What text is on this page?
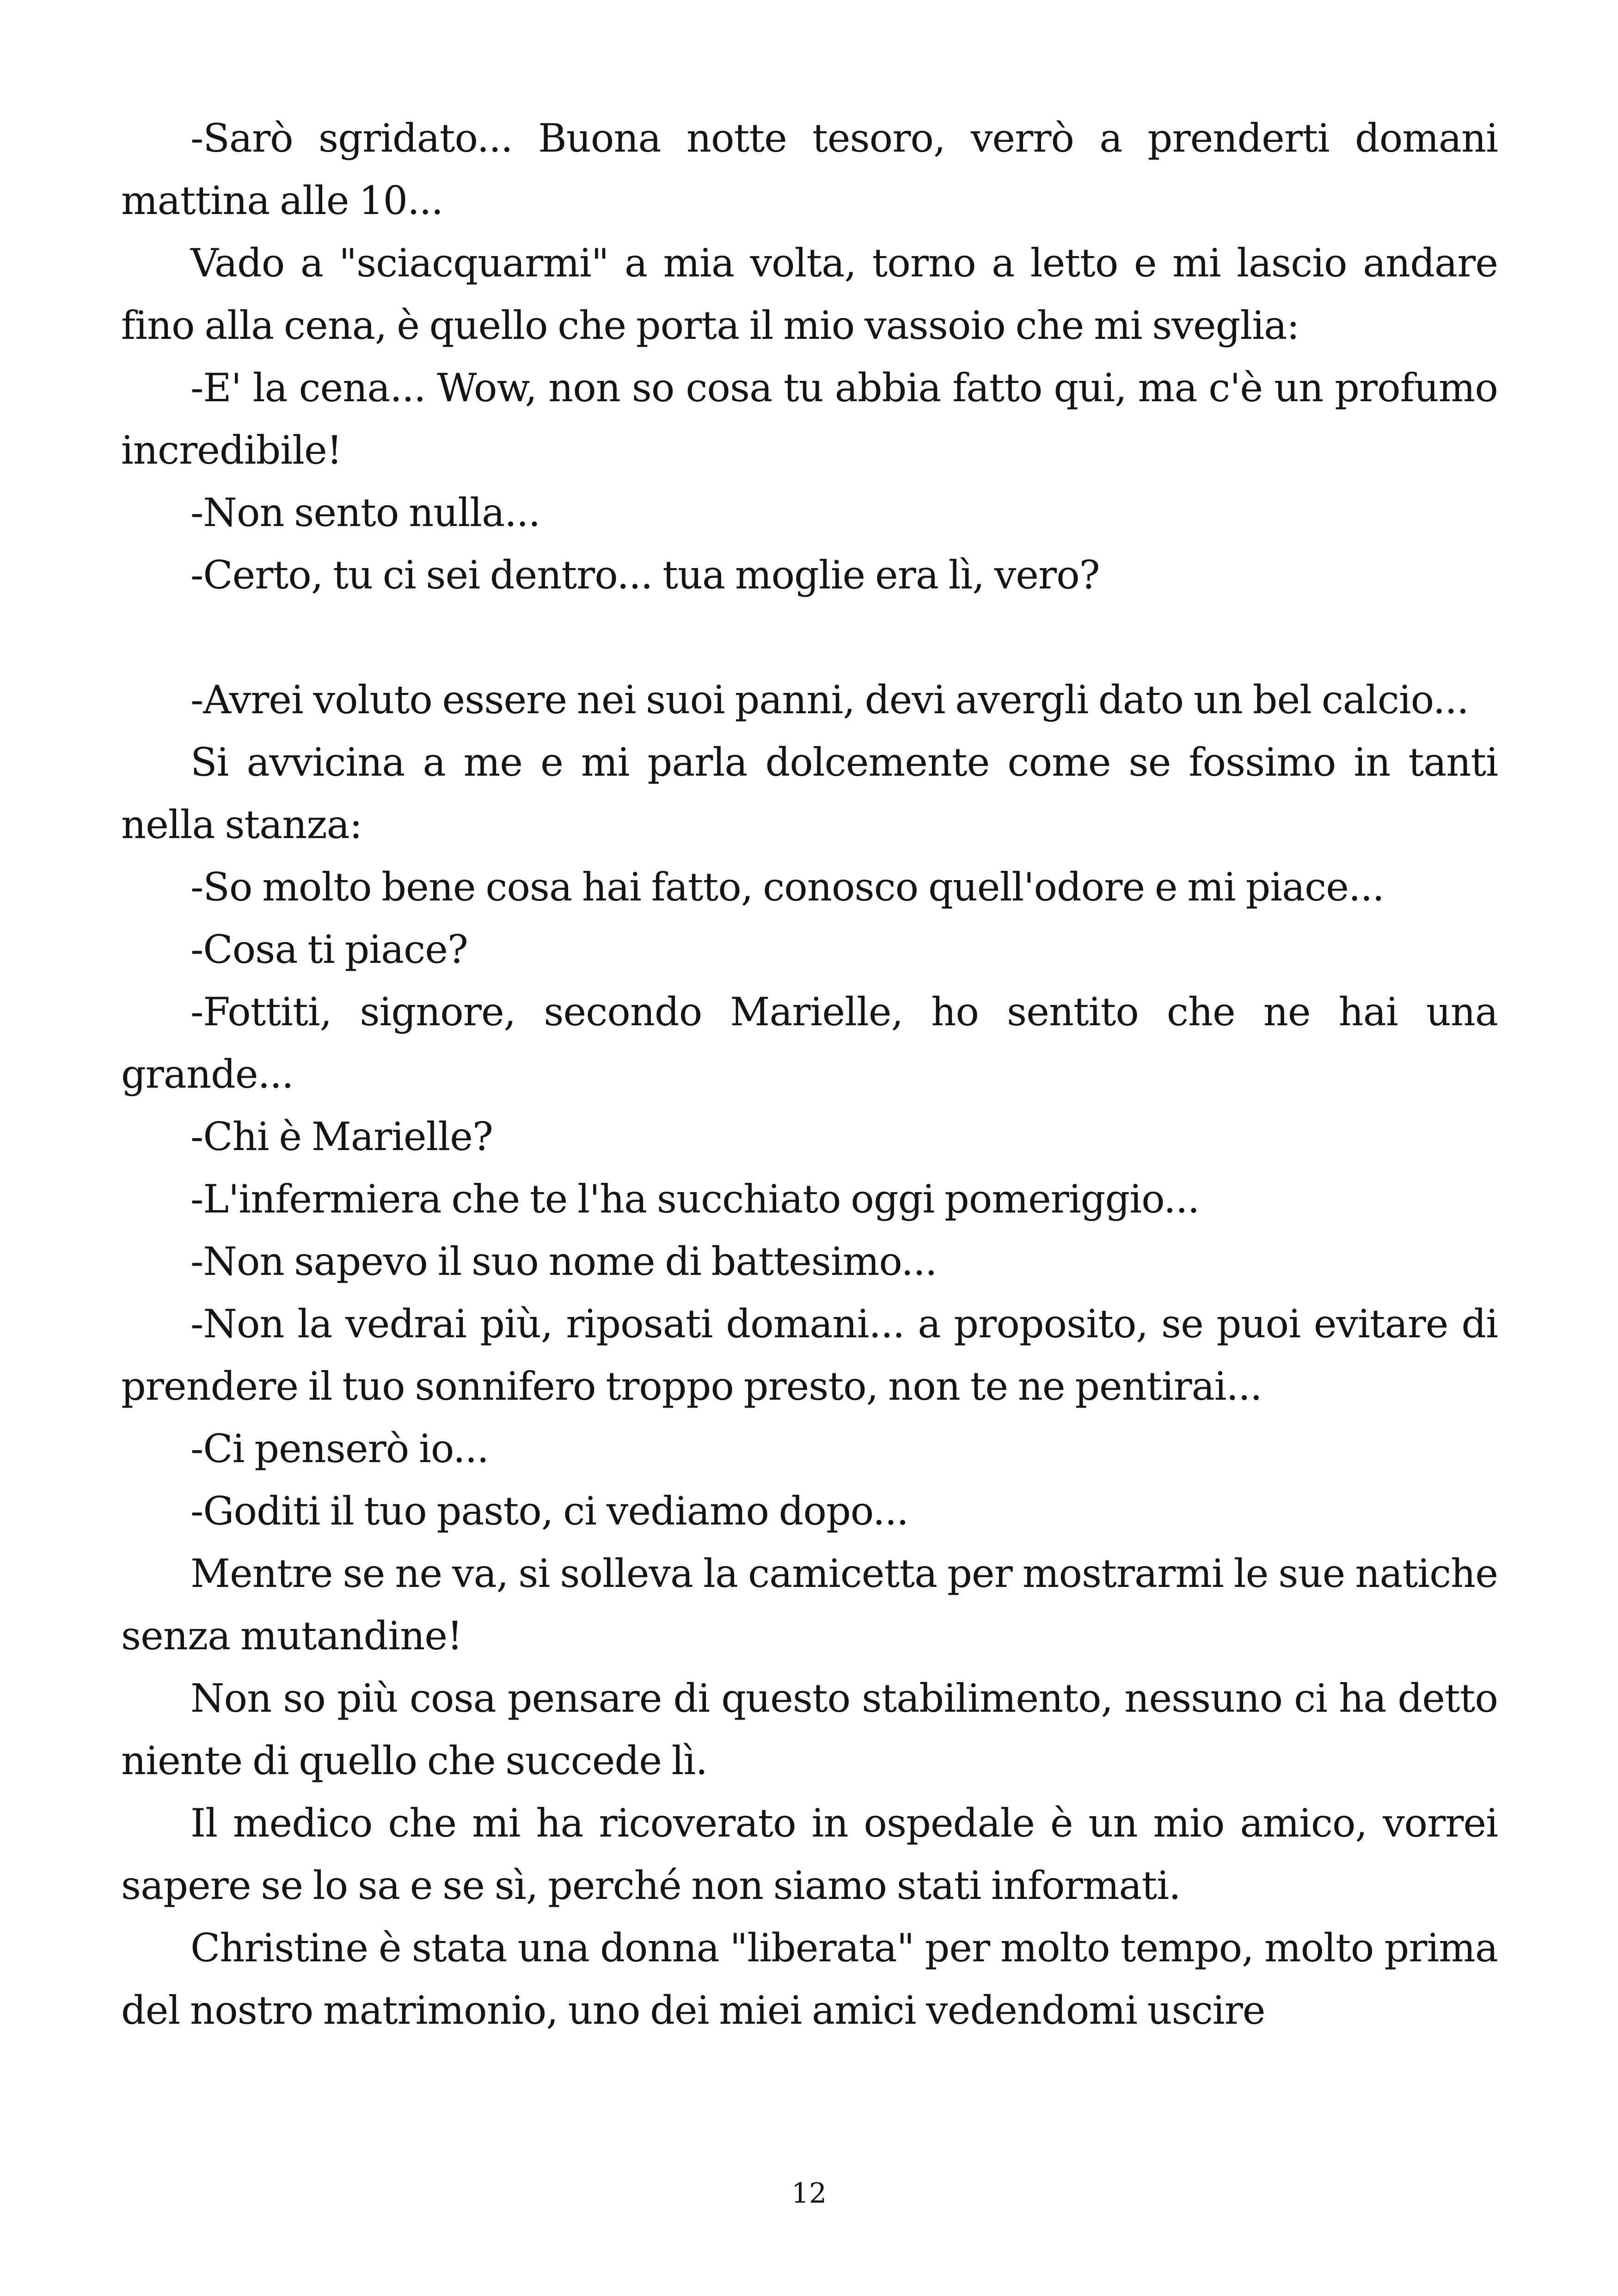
-Sarò sgridato... Buona notte tesoro, verrò a prenderti domani mattina alle 10...

Vado a "sciacquarmi" a mia volta, torno a letto e mi lascio andare fino alla cena, è quello che porta il mio vassoio che mi sveglia:

-E' la cena... Wow, non so cosa tu abbia fatto qui, ma c'è un profumo incredibile!

-Non sento nulla...

-Certo, tu ci sei dentro... tua moglie era lì, vero?

-Avrei voluto essere nei suoi panni, devi avergli dato un bel calcio...

Si avvicina a me e mi parla dolcemente come se fossimo in tanti nella stanza:

-So molto bene cosa hai fatto, conosco quell'odore e mi piace...

-Cosa ti piace?

-Fottiti, signore, secondo Marielle, ho sentito che ne hai una grande...

-Chi è Marielle?

-L'infermiera che te l'ha succhiato oggi pomeriggio...

-Non sapevo il suo nome di battesimo...

-Non la vedrai più, riposati domani... a proposito, se puoi evitare di prendere il tuo sonnifero troppo presto, non te ne pentirai...

-Ci penserò io...

-Goditi il tuo pasto, ci vediamo dopo...

Mentre se ne va, si solleva la camicetta per mostrarmi le sue natiche senza mutandine!

Non so più cosa pensare di questo stabilimento, nessuno ci ha detto niente di quello che succede lì.

Il medico che mi ha ricoverato in ospedale è un mio amico, vorrei sapere se lo sa e se sì, perché non siamo stati informati.

Christine è stata una donna "liberata" per molto tempo, molto prima del nostro matrimonio, uno dei miei amici vedendomi uscire

12
